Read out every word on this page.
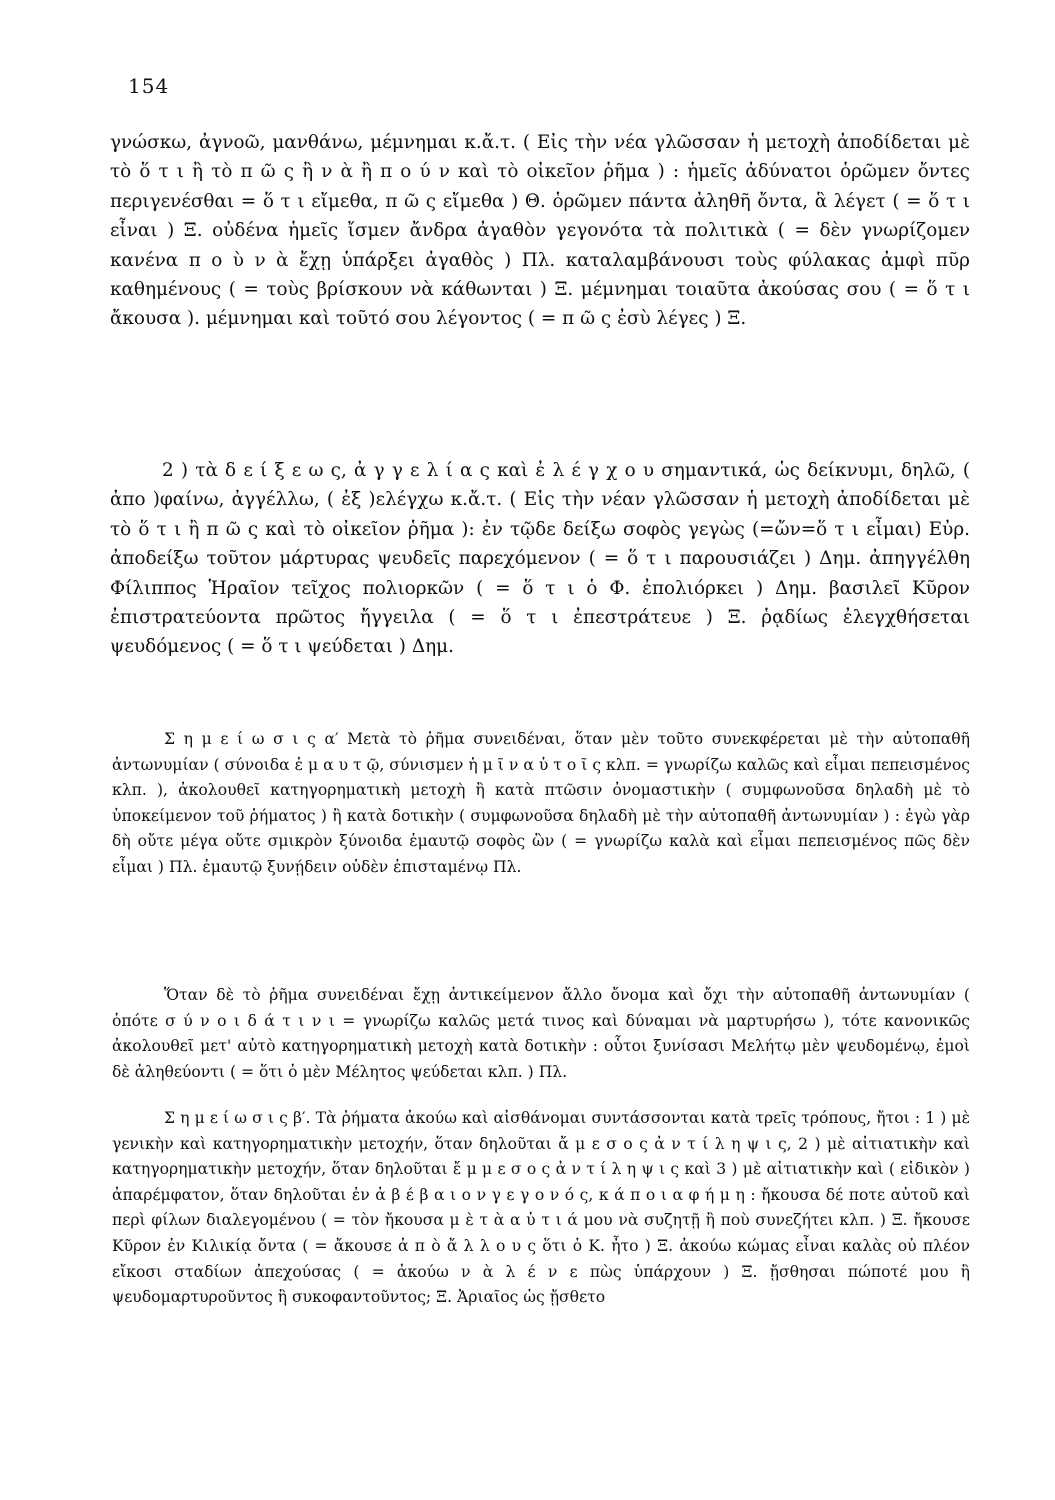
154
γνώσκω, ἀγνοῶ, μανθάνω, μέμνημαι κ.ἄ.τ. ( Εἰς τὴν νέα γλῶσσαν ἡ μετοχὴ ἀποδίδεται μὲ τὸ ὅ τ ι ἢ τὸ π ῶ ς ἢ ν ὰ ἢ π ο ύ ν καὶ τὸ οἰκεῖον ῥῆμα ) : ἡμεῖς ἀδύνατοι ὁρῶμεν ὄντες περιγενέσθαι = ὅ τ ι εἴμεθα, π ῶ ς εἴμεθα ) Θ. ὁρῶμεν πάντα ἀληθῆ ὄντα, ἃ λέγετ ( = ὅ τ ι εἶναι ) Ξ. οὐδένα ἡμεῖς ἴσμεν ἄνδρα ἀγαθὸν γεγονότα τὰ πολιτικὰ ( = δὲν γνωρίζομεν κανένα π ο ὺ ν ὰ ἔχῃ ὑπάρξει ἀγαθὸς ) Πλ. καταλαμβάνουσι τοὺς φύλακας ἀμφὶ πῦρ καθημένους ( = τοὺς βρίσκουν νὰ κάθωνται ) Ξ. μέμνημαι τοιαῦτα ἀκούσας σου ( = ὅ τ ι ἄκουσα ). μέμνημαι καὶ τοῦτό σου λέγοντος ( = π ῶ ς ἐσὺ λέγες ) Ξ.
2 ) τὰ δ ε ί ξ ε ω ς, ἀ γ γ ε λ ί α ς καὶ ἐ λ έ γ χ ο υ σημαντικά, ὡς δείκνυμι, δηλῶ, ( ἀπο )φαίνω, ἀγγέλλω, ( ἐξ )ελέγχω κ.ἄ.τ. ( Εἰς τὴν νέαν γλῶσσαν ἡ μετοχὴ ἀποδίδεται μὲ τὸ ὅ τ ι ἢ π ῶ ς καὶ τὸ οἰκεῖον ῥῆμα ): ἐν τῷδε δείξω σοφὸς γεγὼς (=ὤν=ὅ τ ι εἶμαι) Εὐρ. ἀποδείξω τοῦτον μάρτυρας ψευδεῖς παρεχόμενον ( = ὅ τ ι παρουσιάζει ) Δημ. ἀπηγγέλθη Φίλιππος Ἡραῖον τεῖχος πολιορκῶν ( = ὅ τ ι ὁ Φ. ἐπολιόρκει ) Δημ. βασιλεῖ Κῦρον ἐπιστρατεύοντα πρῶτος ἤγγειλα ( = ὅ τ ι ἐπεστράτευε ) Ξ. ῥᾳδίως ἐλεγχθήσεται ψευδόμενος ( = ὅ τ ι ψεύδεται ) Δημ.
Σ η μ ε ί ω σ ι ς α′ Μετὰ τὸ ῥῆμα συνειδέναι, ὅταν μὲν τοῦτο συνεκφέρεται μὲ τὴν αὐτοπαθῆ ἀντωνυμίαν ( σύνοιδα ἐ μ α υ τ ῷ, σύνισμεν ἡ μ ῖ ν α ὐ τ ο ῖ ς κλπ. = γνωρίζω καλῶς καὶ εἶμαι πεπεισμένος κλπ. ), ἀκολουθεῖ κατηγορηματικὴ μετοχὴ ἢ κατὰ πτῶσιν ὀνομαστικὴν ( συμφωνοῦσα δηλαδὴ μὲ τὸ ὑποκείμενον τοῦ ῥήματος ) ἢ κατὰ δοτικὴν ( συμφωνοῦσα δηλαδὴ μὲ τὴν αὐτοπαθῆ ἀντωνυμίαν ) : ἐγὼ γὰρ δὴ οὔτε μέγα οὔτε σμικρὸν ξύνοιδα ἐμαυτῷ σοφὸς ὢν ( = γνωρίζω καλὰ καὶ εἶμαι πεπεισμένος πῶς δὲν εἶμαι ) Πλ. ἐμαυτῷ ξυνῄδειν οὐδὲν ἐπισταμένῳ Πλ.
Ὅταν δὲ τὸ ῥῆμα συνειδέναι ἔχῃ ἀντικείμενον ἄλλο ὄνομα καὶ ὄχι τὴν αὐτοπαθῆ ἀντωνυμίαν ( ὁπότε σ ύ ν ο ι δ ά τ ι ν ι = γνωρίζω καλῶς μετά τινος καὶ δύναμαι νὰ μαρτυρήσω ), τότε κανονικῶς ἀκολουθεῖ μετ' αὐτὸ κατηγορηματικὴ μετοχὴ κατὰ δοτικὴν : οὗτοι ξυνίσασι Μελήτῳ μὲν ψευδομένῳ, ἐμοὶ δὲ ἀληθεύοντι ( = ὅτι ὁ μὲν Μέλητος ψεύδεται κλπ. ) Πλ.
Σ η μ ε ί ω σ ι ς β′. Τὰ ῥήματα ἀκούω καὶ αἰσθάνομαι συντάσσονται κατὰ τρεῖς τρόπους, ἤτοι : 1 ) μὲ γενικὴν καὶ κατηγορηματικὴν μετοχήν, ὅταν δηλοῦται ἄ μ ε σ ο ς ἀ ν τ ί λ η ψ ι ς, 2 ) μὲ αἰτιατικὴν καὶ κατηγορηματικὴν μετοχήν, ὅταν δηλοῦται ἔ μ μ ε σ ο ς ἀ ν τ ί λ η ψ ι ς καὶ 3 ) μὲ αἰτιατικὴν καὶ ( εἰδικὸν ) ἀπαρέμφατον, ὅταν δηλοῦται ἐν ἀ β έ β α ι ο ν γ ε γ ο ν ό ς, κ ά π ο ι α φ ή μ η : ἤκουσα δέ ποτε αὐτοῦ καὶ περὶ φίλων διαλεγομένου ( = τὸν ἤκουσα μ ὲ τ ὰ α ὐ τ ι ά μου νὰ συζητῇ ἢ ποὺ συνεζήτει κλπ. ) Ξ. ἤκουσε Κῦρον ἐν Κιλικίᾳ ὄντα ( = ἄκουσε ἀ π ὸ ἄ λ λ ο υ ς ὅτι ὁ Κ. ἦτο ) Ξ. ἀκούω κώμας εἶναι καλὰς οὐ πλέον εἴκοσι σταδίων ἀπεχούσας ( = ἀκούω ν ὰ λ έ ν ε πὼς ὑπάρχουν ) Ξ. ᾔσθησαι πώποτέ μου ἢ ψευδομαρτυροῦντος ἢ συκοφαντοῦντος; Ξ. Ἀριαῖος ὡς ᾔσθετο
